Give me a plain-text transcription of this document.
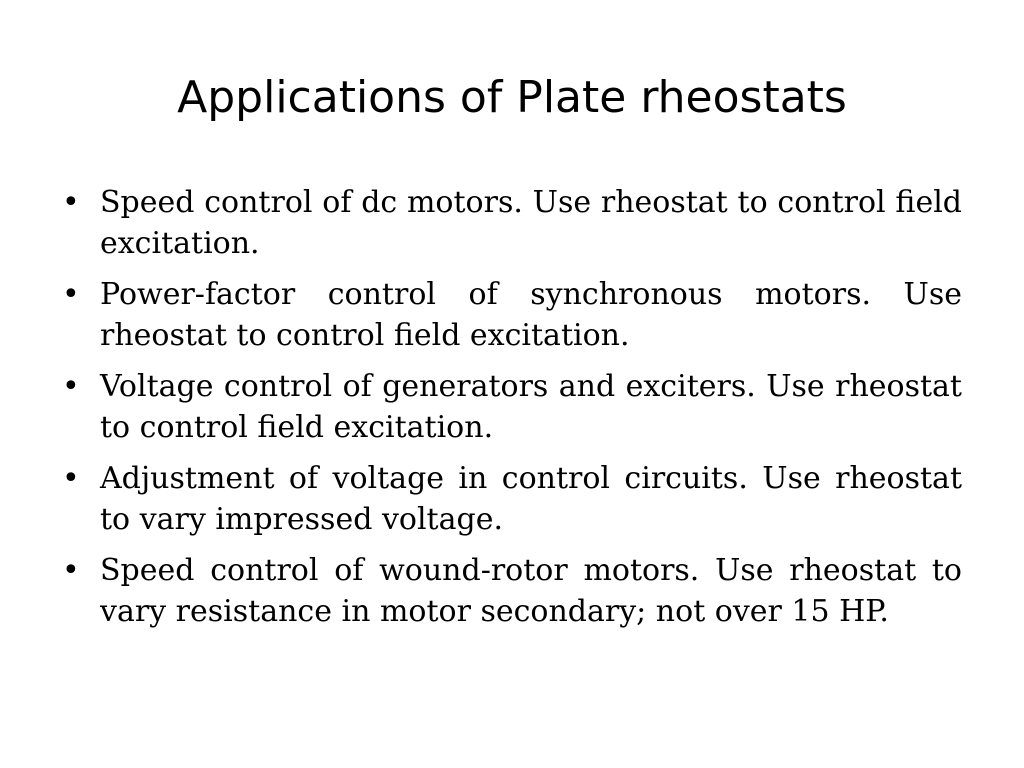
Applications of Plate rheostats
• Speed control of dc motors. Use rheostat to control field excitation.
• Power-factor control of synchronous motors. Use rheostat to control field excitation.
• Voltage control of generators and exciters. Use rheostat to control field excitation.
• Adjustment of voltage in control circuits. Use rheostat to vary impressed voltage.
• Speed control of wound-rotor motors. Use rheostat to vary resistance in motor secondary; not over 15 HP.
